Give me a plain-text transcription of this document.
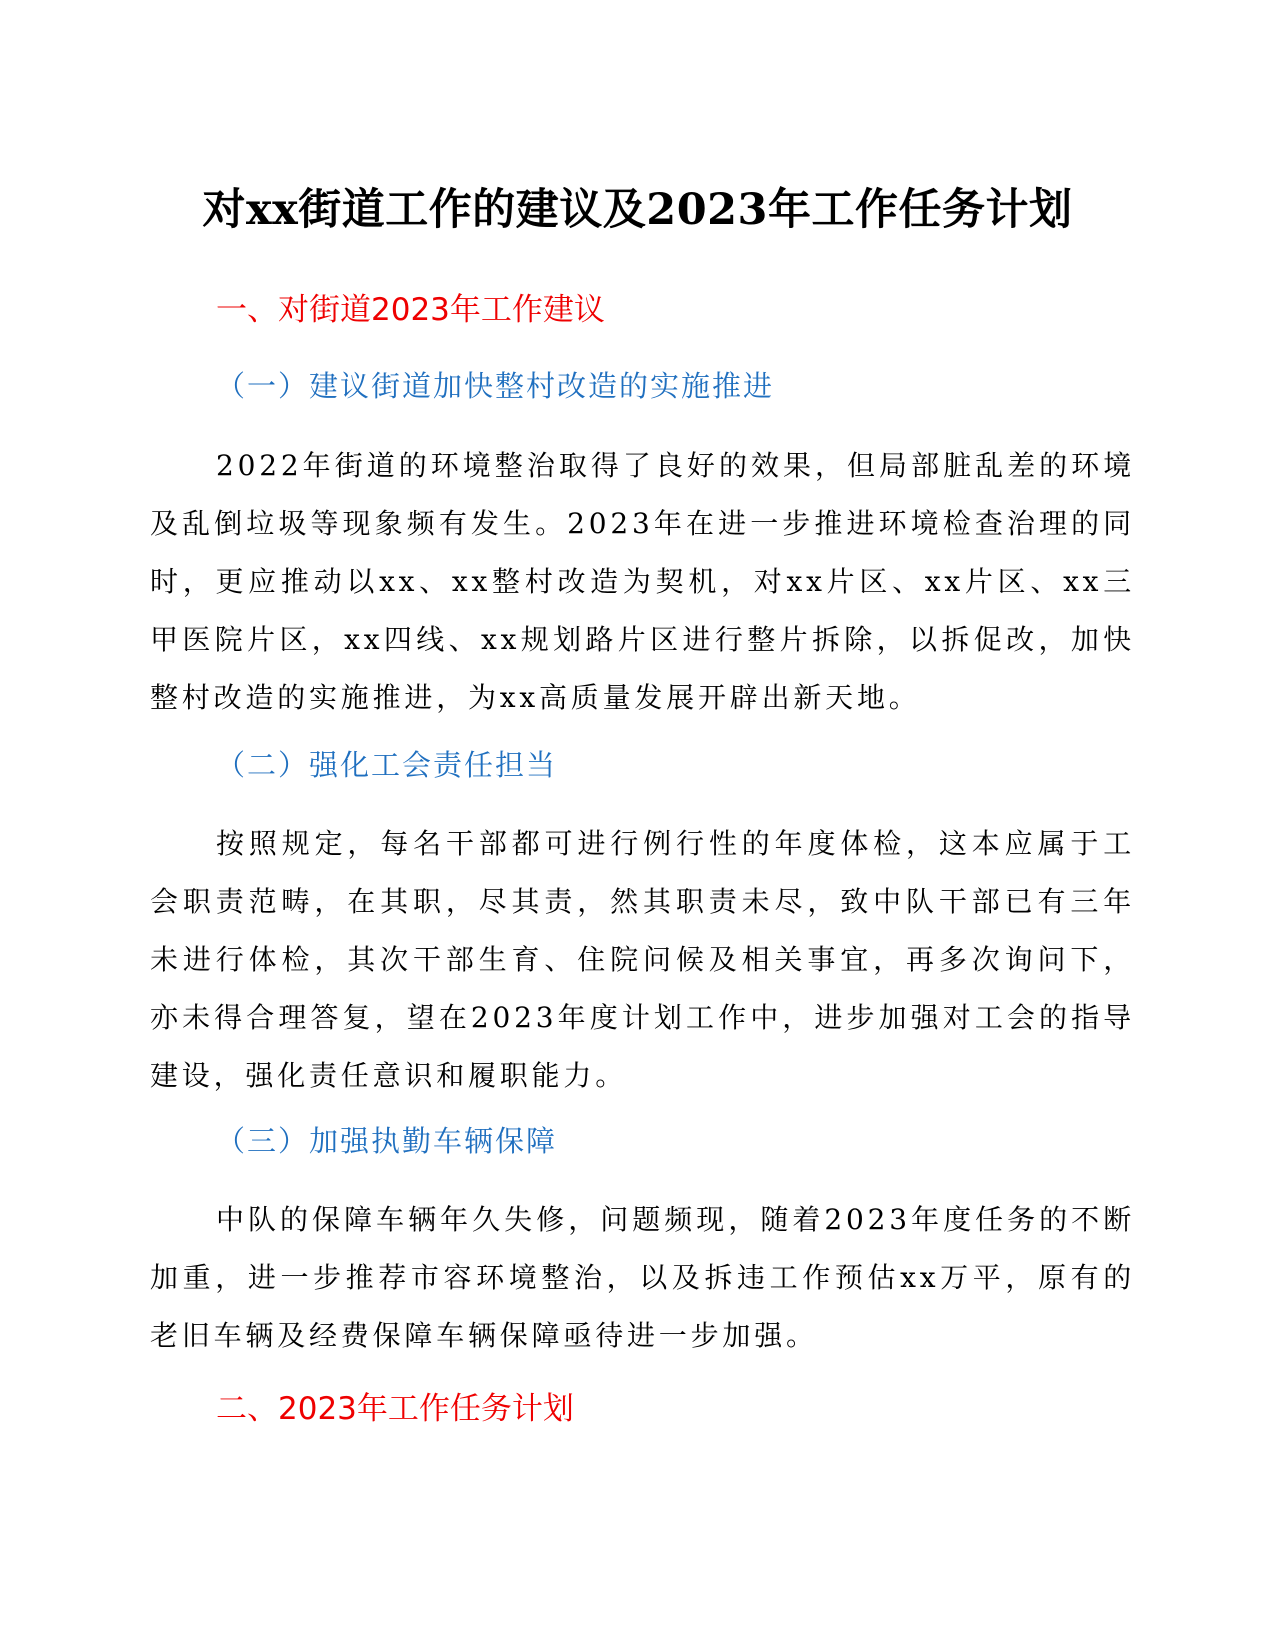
对xx街道工作的建议及2023年工作任务计划
一、对街道2023年工作建议
（一）建议街道加快整村改造的实施推进

2022年街道的环境整治取得了良好的效果，但局部脏乱差的环境及乱倒垃圾等现象频有发生。2023年在进一步推进环境检查治理的同时，更应推动以xx、xx整村改造为契机，对xx片区、xx片区、xx三甲医院片区，xx四线、xx规划路片区进行整片拆除，以拆促改，加快整村改造的实施推进，为xx高质量发展开辟出新天地。

（二）强化工会责任担当

按照规定，每名干部都可进行例行性的年度体检，这本应属于工会职责范畴，在其职，尽其责，然其职责未尽，致中队干部已有三年未进行体检，其次干部生育、住院问候及相关事宜，再多次询问下，亦未得合理答复，望在2023年度计划工作中，进步加强对工会的指导建设，强化责任意识和履职能力。

（三）加强执勤车辆保障

中队的保障车辆年久失修，问题频现，随着2023年度任务的不断加重，进一步推荐市容环境整治，以及拆违工作预估xx万平，原有的老旧车辆及经费保障车辆保障亟待进一步加强。

二、2023年工作任务计划
